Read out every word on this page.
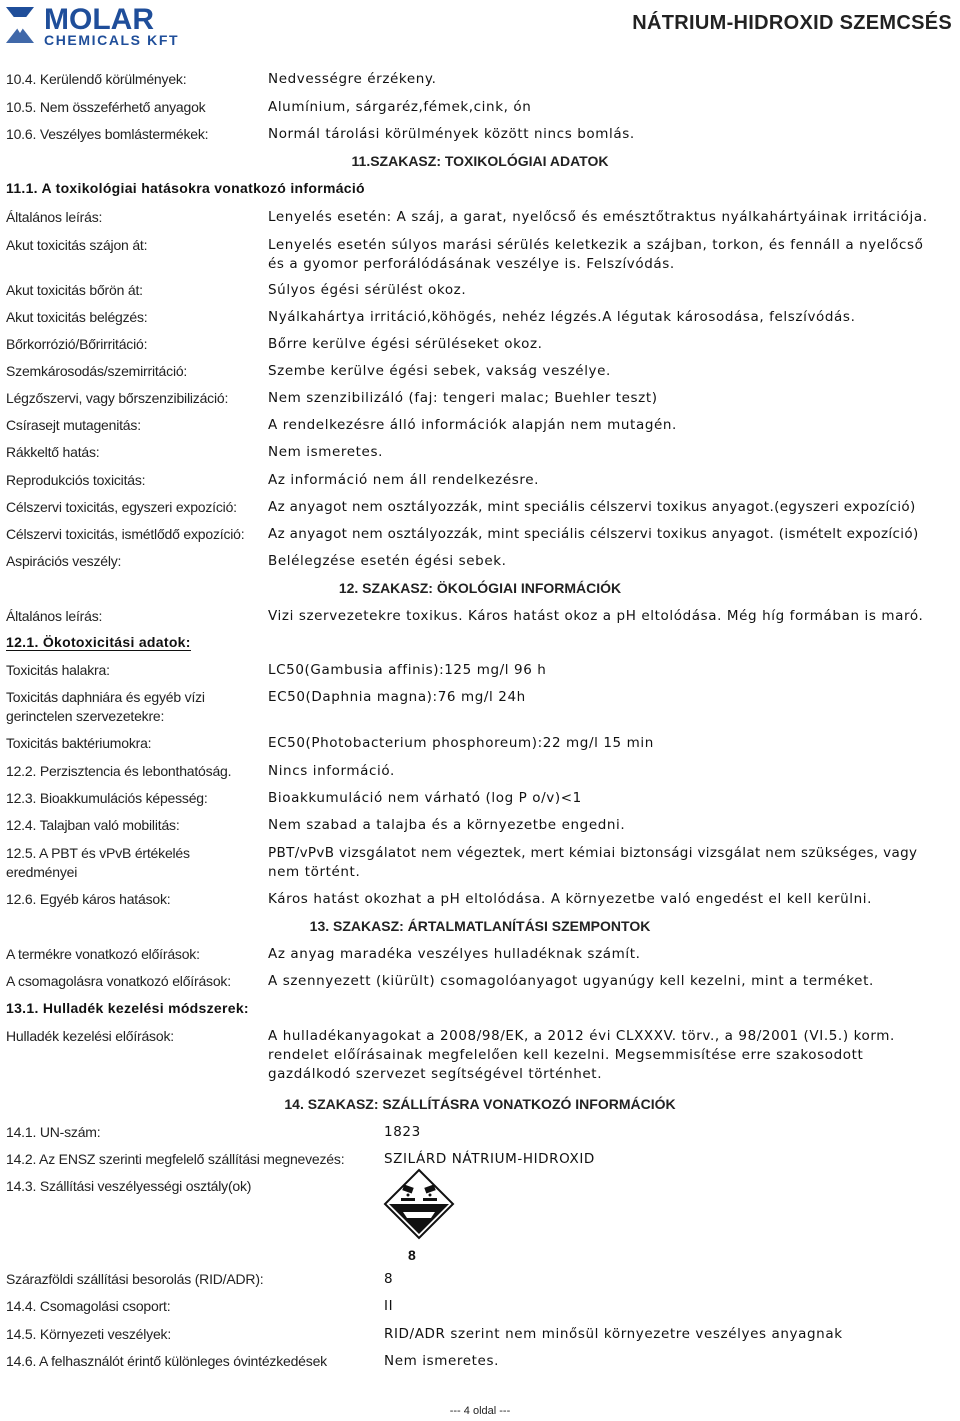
MOLAR
CHEMICALS KFT
NÁTRIUM-HIDROXID SZEMCSÉS
10.4. Kerülendő körülmények:	Nedvességre érzékeny.
10.5. Nem összeférhető anyagok	Alumínium, sárgaréz,fémek,cink, ón
10.6. Veszélyes bomlástermékek:	Normál tárolási körülmények között nincs bomlás.
11.SZAKASZ: TOXIKOLÓGIAI ADATOK
11.1. A toxikológiai hatásokra vonatkozó információ
Általános leírás:	Lenyelés esetén: A száj, a garat, nyelőcső és emésztőtraktus nyálkahártyáinak irritációja.
Akut toxicitás szájon át:	Lenyelés esetén súlyos marási sérülés keletkezik a szájban, torkon, és fennáll a nyelőcső
és a gyomor perforálódásának veszélye is. Felszívódás.
Akut toxicitás bőrön át:	Súlyos égési sérülést okoz.
Akut toxicitás belégzés:	Nyálkahártya irritáció,köhögés, nehéz légzés.A légutak károsodása, felszívódás.
Bőrkorrózió/Bőrirritáció:	Bőrre kerülve égési sérüléseket okoz.
Szemkárosodás/szemirritáció:	Szembe kerülve égési sebek, vakság veszélye.
Légzőszervi, vagy bőrszenzibilizáció:	Nem szenzibilizáló (faj: tengeri malac; Buehler teszt)
Csírasejt mutagenitás:	A rendelkezésre álló információk alapján nem mutagén.
Rákkeltő hatás:	Nem ismeretes.
Reprodukciós toxicitás:	Az információ nem áll rendelkezésre.
Célszervi toxicitás, egyszeri expozíció: Az anyagot nem osztályozzák, mint speciális célszervi toxikus anyagot.(egyszeri expozíció)
Célszervi toxicitás, ismétlődő expozíció: Az anyagot nem osztályozzák, mint speciális célszervi toxikus anyagot. (ismételt expozíció)
Aspirációs veszély:	Belélegzése esetén égési sebek.
12. SZAKASZ: ÖKOLÓGIAI INFORMÁCIÓK
Általános leírás:	Vizi szervezetekre toxikus. Káros hatást okoz a pH eltolódása. Még híg formában is maró.
12.1. Ökotoxicitási adatok:
Toxicitás halakra:	LC50(Gambusia affinis):125 mg/l 96 h
Toxicitás daphniára és egyéb vízi
gerinctelen szervezetekre:
EC50(Daphnia magna):76 mg/l 24h
Toxicitás baktériumokra:	EC50(Photobacterium phosphoreum):22 mg/l 15 min
12.2. Perzisztencia és lebonthatóság.	Nincs információ.
12.3. Bioakkumulációs képesség:	Bioakkumuláció nem várható (log P o/v)<1
12.4. Talajban való mobilitás:	Nem szabad a talajba és a környezetbe engedni.
12.5. A PBT és vPvB értékelés
eredményei
PBT/vPvB vizsgálatot nem végeztek, mert kémiai biztonsági vizsgálat nem szükséges, vagy
nem történt.
12.6. Egyéb káros hatások:	Káros hatást okozhat a pH eltolódása. A környezetbe való engedést el kell kerülni.
13. SZAKASZ: ÁRTALMATLANÍTÁSI SZEMPONTOK
A termékre vonatkozó előírások:	Az anyag maradéka veszélyes hulladéknak számít.
A csomagolásra vonatkozó előírások:	A szennyezett (kiürült) csomagolóanyagot ugyanúgy kell kezelni, mint a terméket.
13.1. Hulladék kezelési módszerek:
Hulladék kezelési előírások:	A hulladékanyagokat a 2008/98/EK, a 2012 évi CLXXXV. törv., a 98/2001 (VI.5.) korm.
rendelet előírásainak megfelelően kell kezelni. Megsemmisítése erre szakosodott
gazdálkodó szervezet segítségével történhet.
14. SZAKASZ: SZÁLLÍTÁSRA VONATKOZÓ INFORMÁCIÓK
14.1. UN-szám:	1823
14.2. Az ENSZ szerinti megfelelő szállítási megnevezés:	SZILÁRD NÁTRIUM-HIDROXID
14.3. Szállítási veszélyességi osztály(ok)
8
Szárazföldi szállítási besorolás (RID/ADR):	8
14.4. Csomagolási csoport:	II
14.5. Környezeti veszélyek:	RID/ADR szerint nem minősül környezetre veszélyes anyagnak
14.6. A felhasználót érintő különleges óvintézkedések	Nem ismeretes.
--- 4 oldal ---
